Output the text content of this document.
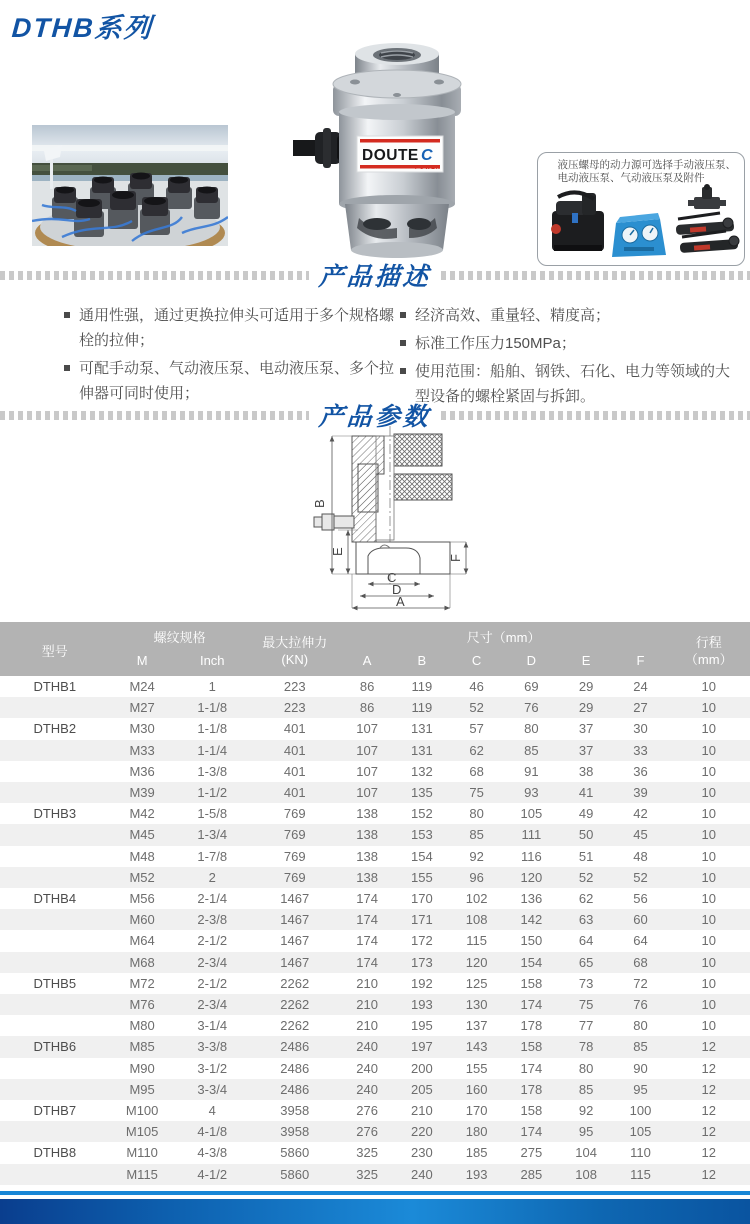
DTHB系列
DOUTE C
POWER	液压螺母的动力源可选择手动液压泵、
电动液压泵、气动液压泵及附件
产品描述
通用性强，通过更换拉伸头可适用于多个规格螺栓的拉伸；
可配手动泵、气动液压泵、电动液压泵、多个拉伸器可同时使用；
经济高效、重量轻、精度高；
标准工作压力150MPa；
使用范围：船舶、钢铁、石化、电力等领域的大型设备的螺栓紧固与拆卸。
产品参数
B
E
F
C
D
A
型号	螺纹规格	最大拉伸力
(KN)
	尺寸（mm）	行程
（mm）

	M	Inch		A	B	C	D	E	F	
DTHB1	M24	1	223	86	119	46	69	29	24	10
	M27	1-1/8	223	86	119	52	76	29	27	10
DTHB2	M30	1-1/8	401	107	131	57	80	37	30	10
	M33	1-1/4	401	107	131	62	85	37	33	10
	M36	1-3/8	401	107	132	68	91	38	36	10
	M39	1-1/2	401	107	135	75	93	41	39	10
DTHB3	M42	1-5/8	769	138	152	80	105	49	42	10
	M45	1-3/4	769	138	153	85	111	50	45	10
	M48	1-7/8	769	138	154	92	116	51	48	10
	M52	2	769	138	155	96	120	52	52	10
DTHB4	M56	2-1/4	1467	174	170	102	136	62	56	10
	M60	2-3/8	1467	174	171	108	142	63	60	10
	M64	2-1/2	1467	174	172	115	150	64	64	10
	M68	2-3/4	1467	174	173	120	154	65	68	10
DTHB5	M72	2-1/2	2262	210	192	125	158	73	72	10
	M76	2-3/4	2262	210	193	130	174	75	76	10
	M80	3-1/4	2262	210	195	137	178	77	80	10
DTHB6	M85	3-3/8	2486	240	197	143	158	78	85	12
	M90	3-1/2	2486	240	200	155	174	80	90	12
	M95	3-3/4	2486	240	205	160	178	85	95	12
DTHB7	M100	4	3958	276	210	170	158	92	100	12
	M105	4-1/8	3958	276	220	180	174	95	105	12
DTHB8	M110	4-3/8	5860	325	230	185	275	104	110	12
	M115	4-1/2	5860	325	240	193	285	108	115	12
